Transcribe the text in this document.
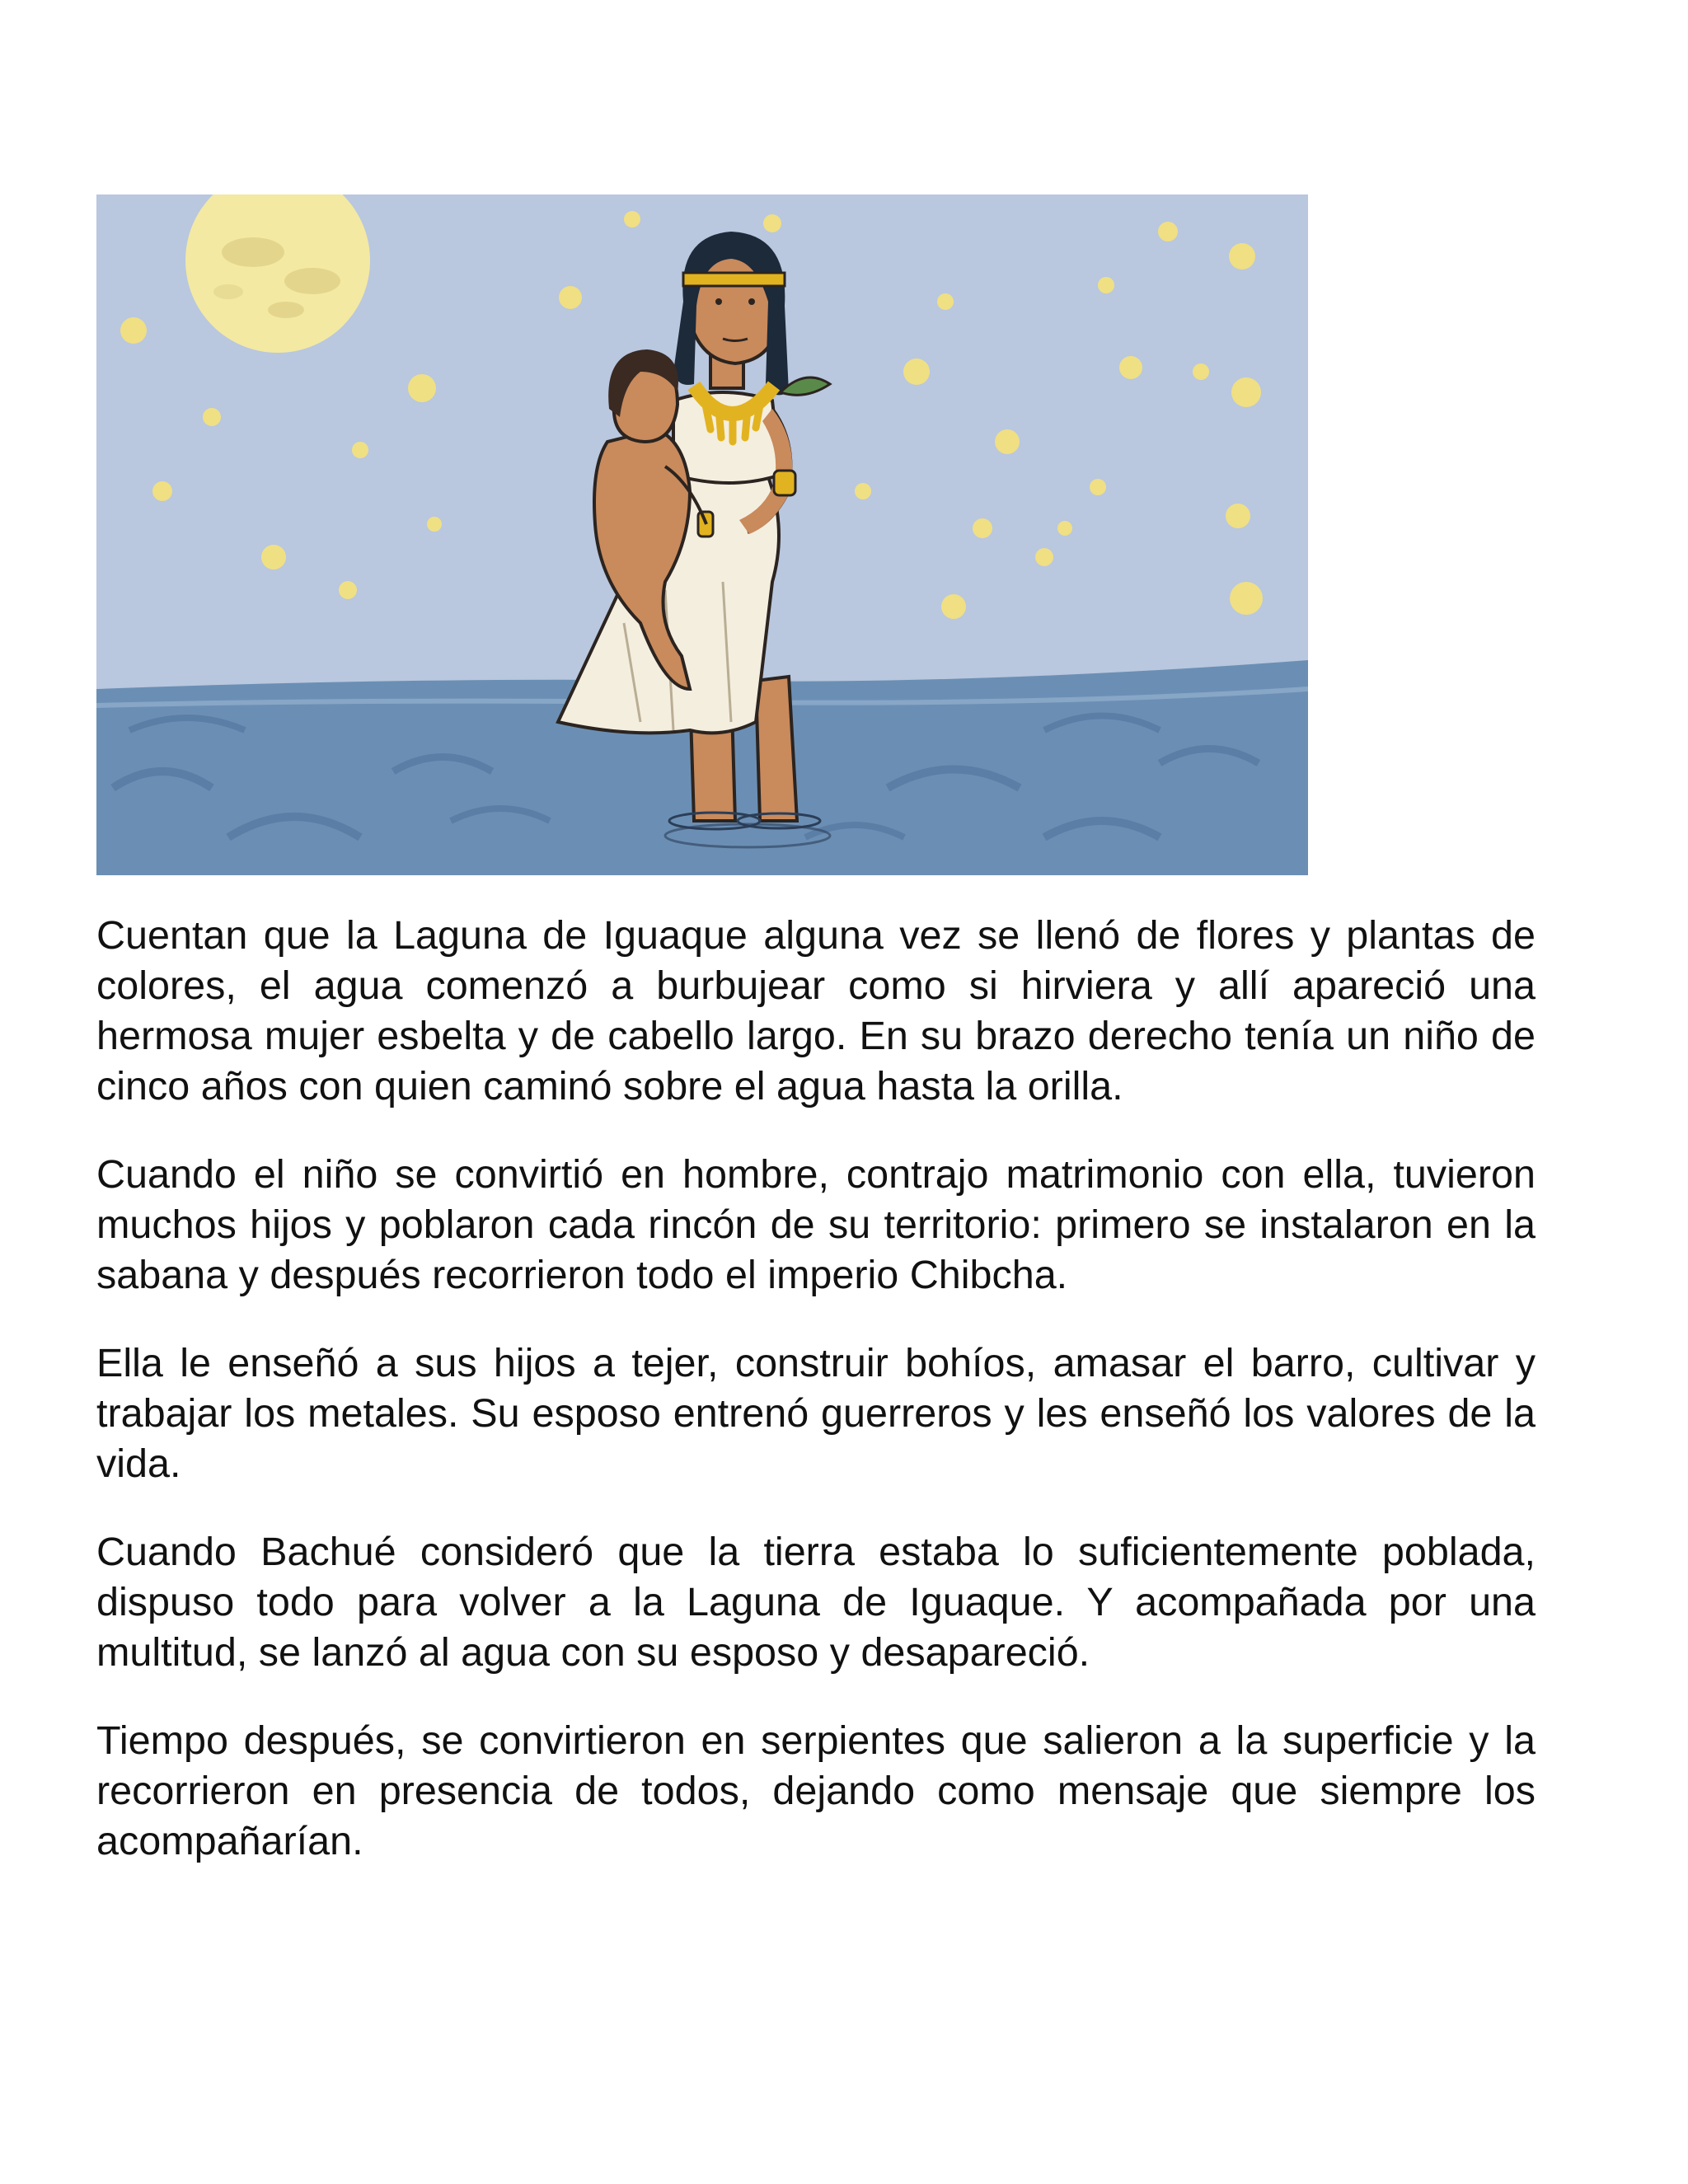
Cuentan que la Laguna de Iguaque alguna vez se llenó de flores y plantas de colores, el agua comenzó a burbujear como si hirviera y allí apareció una hermosa mujer esbelta y de cabello largo. En su brazo derecho tenía un niño de cinco años con quien caminó sobre el agua hasta la orilla.

Cuando el niño se convirtió en hombre, contrajo matrimonio con ella, tuvieron muchos hijos y poblaron cada rincón de su territorio: primero se instalaron en la sabana y después recorrieron todo el imperio Chibcha.

Ella le enseñó a sus hijos a tejer, construir bohíos, amasar el barro, cultivar y trabajar los metales. Su esposo entrenó guerreros y les enseñó los valores de la vida.

Cuando Bachué consideró que la tierra estaba lo suficientemente poblada, dispuso todo para volver a la Laguna de Iguaque. Y acompañada por una multitud, se lanzó al agua con su esposo y desapareció.

Tiempo después, se convirtieron en serpientes que salieron a la superficie y la recorrieron en presencia de todos, dejando como mensaje que siempre los acompañarían.
